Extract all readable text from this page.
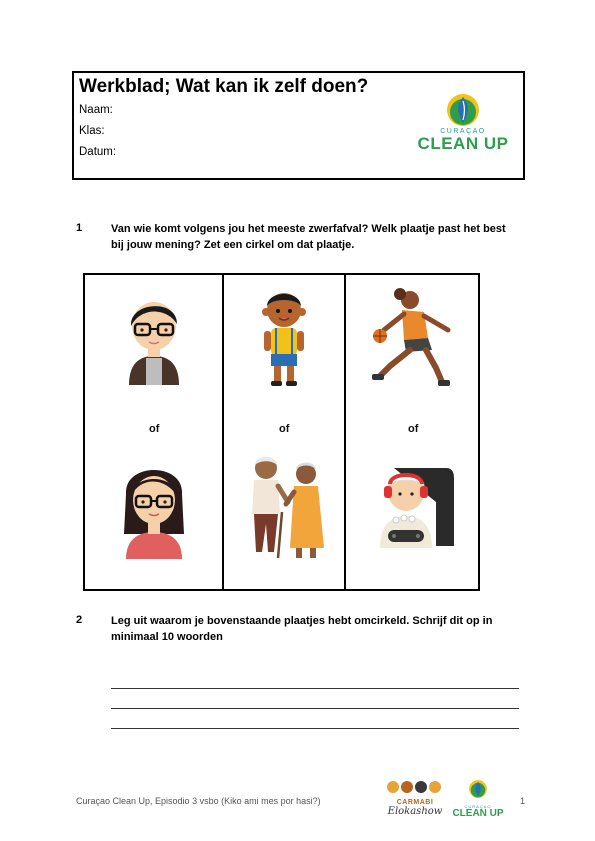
Werkblad; Wat kan ik zelf doen?
Naam:
Klas:
Datum:
CURAÇAO
CLEAN UP
1	Van wie komt volgens jou het meeste zwerfafval? Welk plaatje past het best bij jouw mening? Zet een cirkel om dat plaatje.
of	of	of
2	Leg uit waarom je bovenstaande plaatjes hebt omcirkeld. Schrijf dit op in minimaal 10 woorden
Curaçao Clean Up, Episodio 3 vsbo (Kiko ami mes por hasi?)	CARMABI
Elokashow	CURAÇAO
CLEAN UP
1
